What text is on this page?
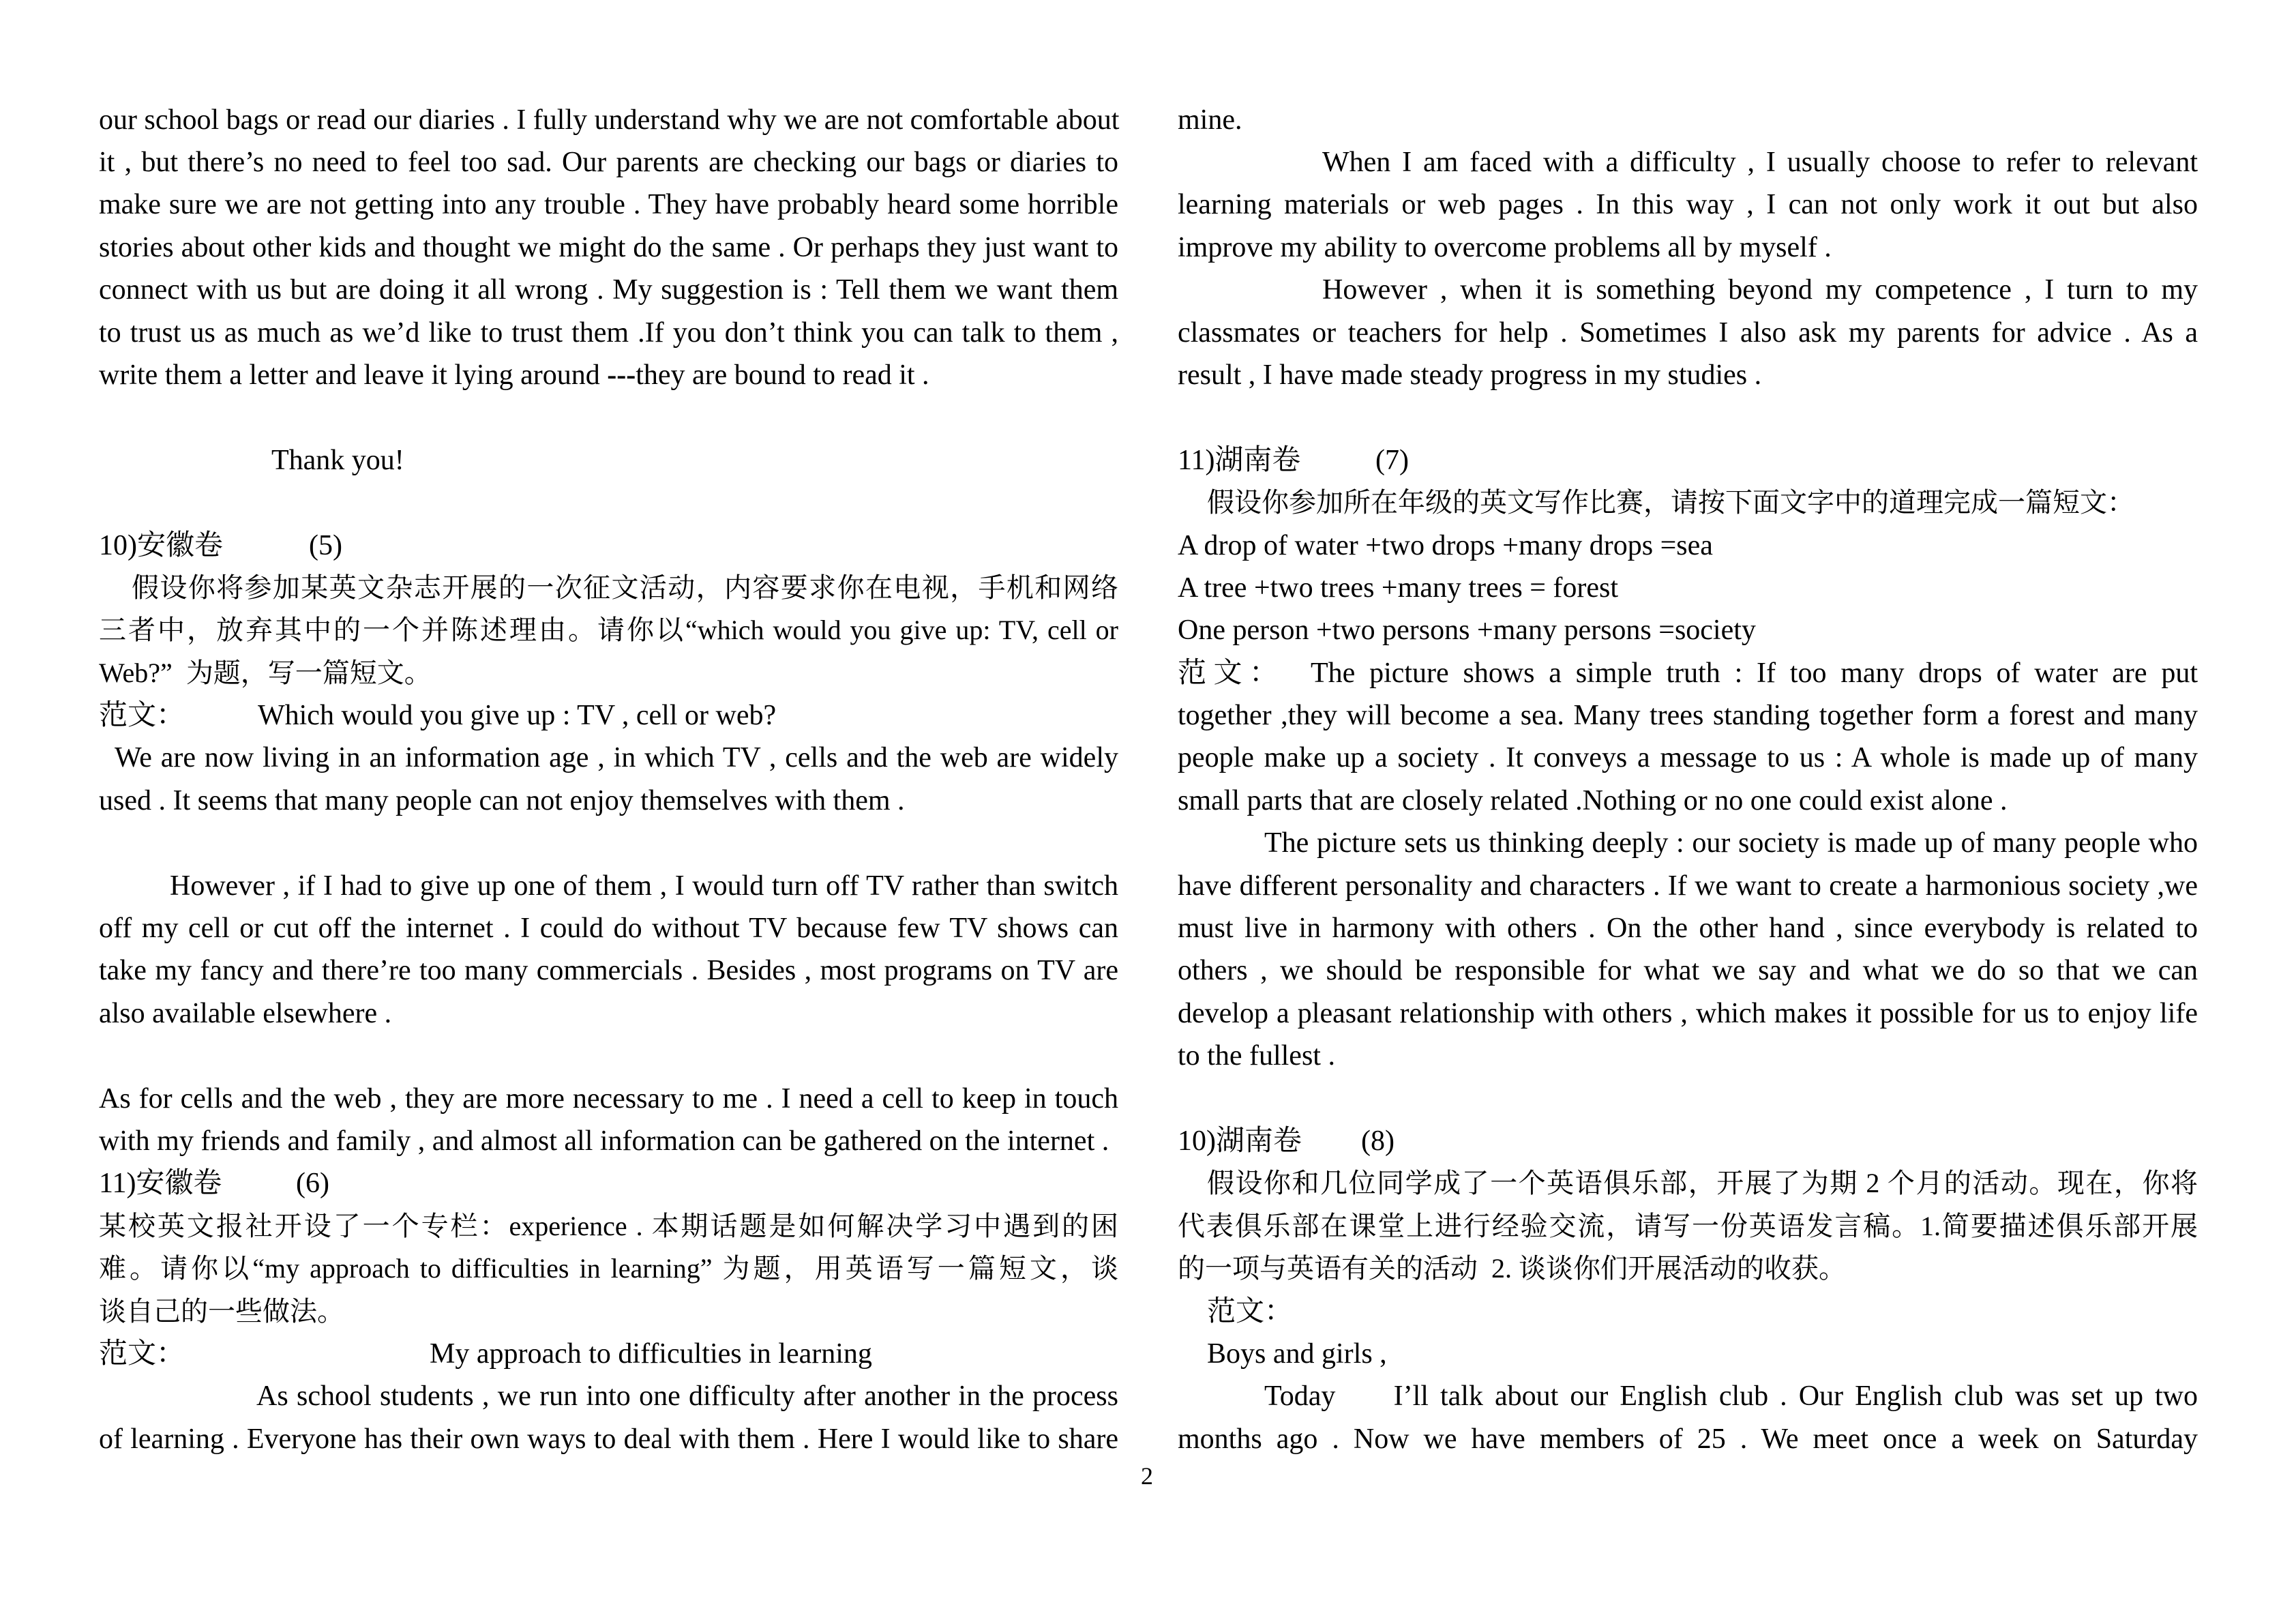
our school bags or read our diaries . I fully understand why we are not comfortable about
it , but there’s no need to feel too sad. Our parents are checking our bags or diaries to
make sure we are not getting into any trouble . They have probably heard some horrible
stories about other kids and thought we might do the same . Or perhaps they just want to
connect with us but are doing it all wrong . My suggestion is : Tell them we want them
to trust us as much as we’d like to trust them .If you don’t think you can talk to them ,
write them a letter and leave it lying around ---they are bound to read it .
Thank you!
10)安徽卷	(5)
假设你将参加某英文杂志开展的一次征文活动，内容要求你在电视，手机和网络
三者中，放弃其中的一个并陈述理由。请你以“which would you give up: TV, cell or
Web?”  为题，写一篇短文。
范文：	Which would you give up : TV , cell or web?
We are now living in an information age , in which TV , cells and the web are widely
used . It seems that many people can not enjoy themselves with them .
However , if I had to give up one of them , I would turn off TV rather than switch
off my cell or cut off the internet . I could do without TV because few TV shows can
take my fancy and there’re too many commercials . Besides , most programs on TV are
also available elsewhere .
As for cells and the web , they are more necessary to me . I need a cell to keep in touch
with my friends and family , and almost all information can be gathered on the internet .
11)安徽卷	(6)
某校英文报社开设了一个专栏：experience . 本期话题是如何解决学习中遇到的困
难。请你以“my approach to difficulties in learning” 为题，用英语写一篇短文，谈
谈自己的一些做法。
范文：	My approach to difficulties in learning
As school students , we run into one difficulty after another in the process
of learning . Everyone has their own ways to deal with them . Here I would like to share
mine.
When I am faced with a difficulty , I usually choose to refer to relevant
learning materials or web pages . In this way , I can not only work it out but also
improve my ability to overcome problems all by myself .
However , when it is something beyond my competence , I turn to my
classmates or teachers for help . Sometimes I also ask my parents for advice . As a
result , I have made steady progress in my studies .
11)湖南卷	(7)
假设你参加所在年级的英文写作比赛，请按下面文字中的道理完成一篇短文：
A drop of water +two drops +many drops =sea
A tree +two trees +many trees = forest
One person +two persons +many persons =society
范 文 ： The picture shows a simple truth : If too many drops of water are put
together ,they will become a sea. Many trees standing together form a forest and many
people make up a society . It conveys a message to us : A whole is made up of many
small parts that are closely related .Nothing or no one could exist alone .
The picture sets us thinking deeply : our society is made up of many people who
have different personality and characters . If we want to create a harmonious society ,we
must live in harmony with others . On the other hand , since everybody is related to
others , we should be responsible for what we say and what we do so that we can
develop a pleasant relationship with others , which makes it possible for us to enjoy life
to the fullest .
10)湖南卷 (8)
假设你和几位同学成了一个英语俱乐部，开展了为期 2 个月的活动。现在，你将
代表俱乐部在课堂上进行经验交流，请写一份英语发言稿。1.简要描述俱乐部开展
的一项与英语有关的活动  2. 谈谈你们开展活动的收获。
范文：
Boys and girls ,
Today     I’ll talk about our English club . Our English club was set up two
months ago . Now we have members of 25 . We meet once a week on Saturday
2
